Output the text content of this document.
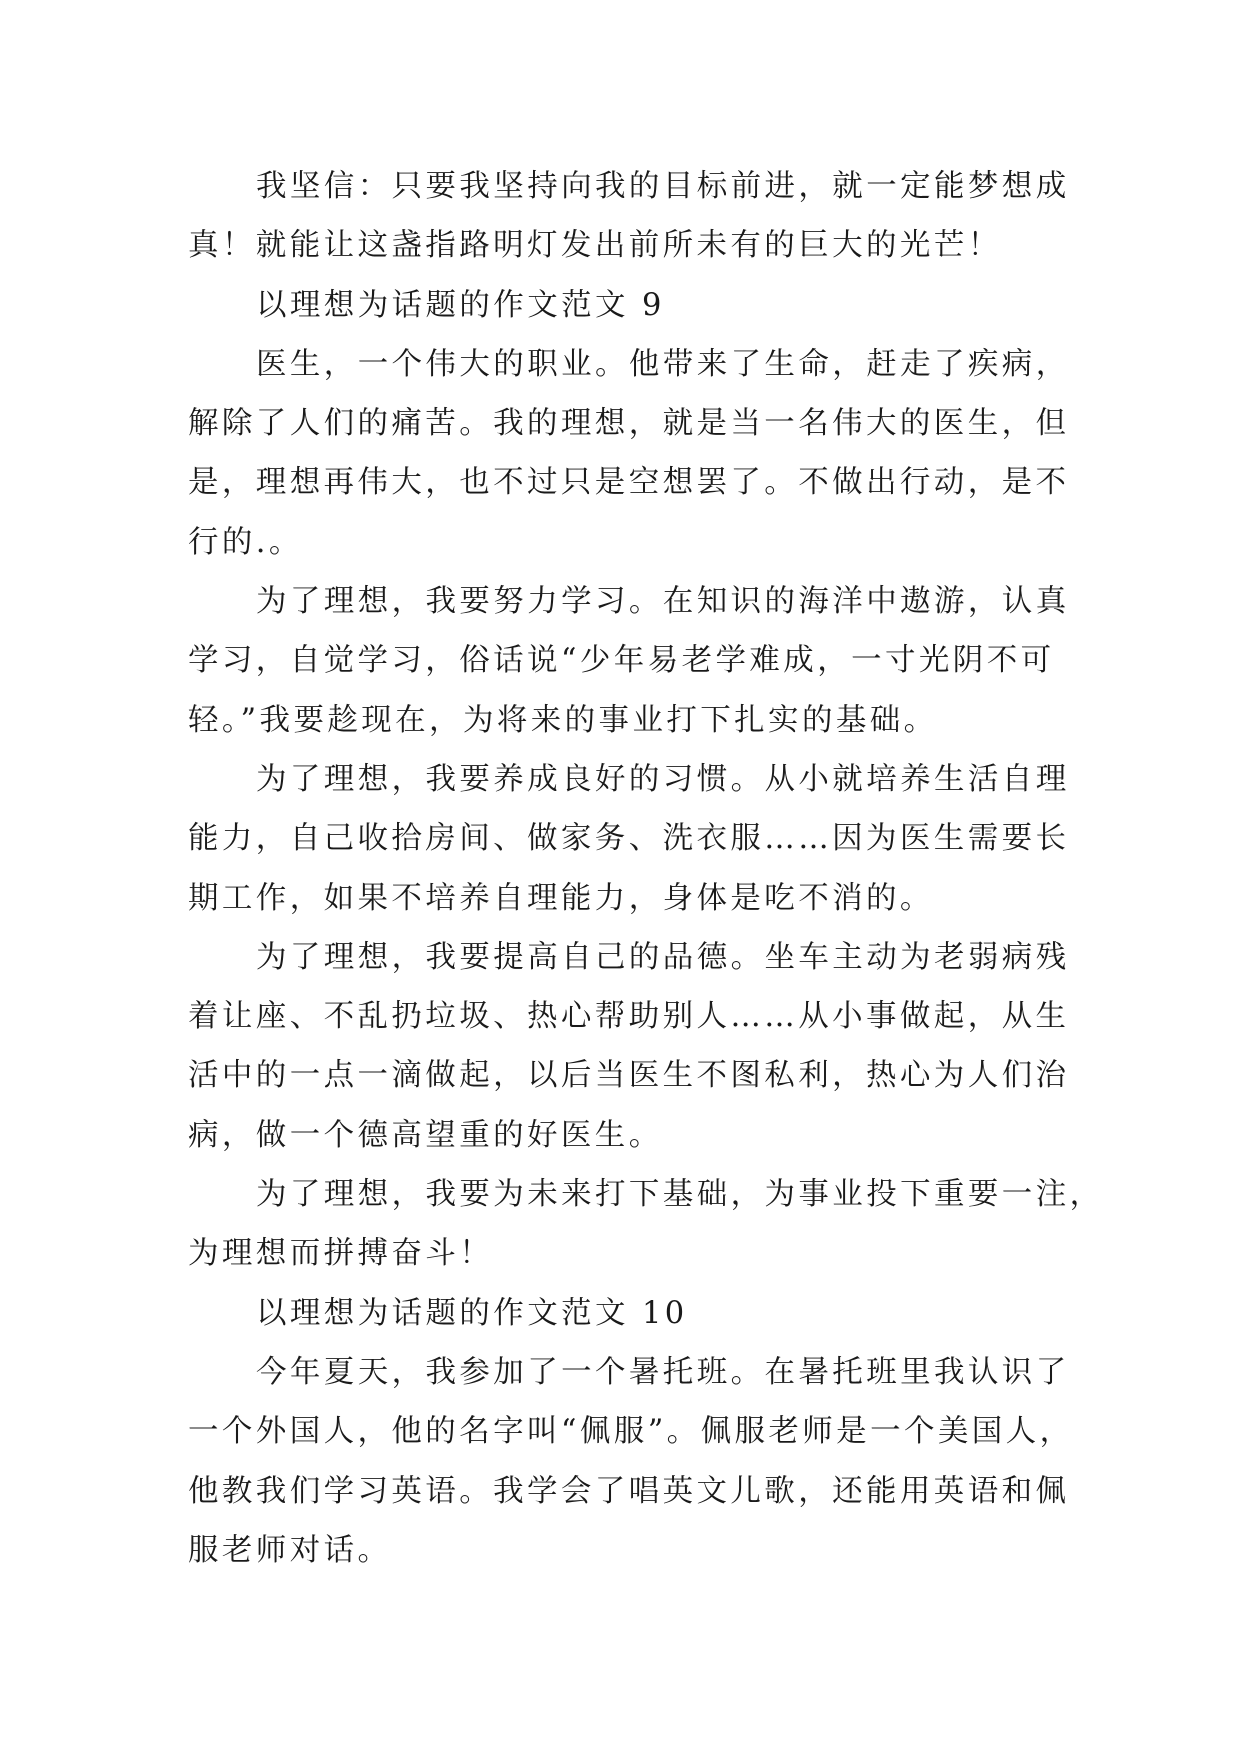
我坚信：只要我坚持向我的目标前进，就一定能梦想成
真！就能让这盏指路明灯发出前所未有的巨大的光芒！
以理想为话题的作文范文 9
医生，一个伟大的职业。他带来了生命，赶走了疾病，
解除了人们的痛苦。我的理想，就是当一名伟大的医生，但
是，理想再伟大，也不过只是空想罢了。不做出行动，是不
行的.。
为了理想，我要努力学习。在知识的海洋中遨游，认真
学习，自觉学习，俗话说“少年易老学难成，一寸光阴不可
轻。”我要趁现在，为将来的事业打下扎实的基础。
为了理想，我要养成良好的习惯。从小就培养生活自理
能力，自己收拾房间、做家务、洗衣服……因为医生需要长
期工作，如果不培养自理能力，身体是吃不消的。
为了理想，我要提高自己的品德。坐车主动为老弱病残
着让座、不乱扔垃圾、热心帮助别人……从小事做起，从生
活中的一点一滴做起，以后当医生不图私利，热心为人们治
病，做一个德高望重的好医生。
为了理想，我要为未来打下基础，为事业投下重要一注，
为理想而拼搏奋斗！
以理想为话题的作文范文 10
今年夏天，我参加了一个暑托班。在暑托班里我认识了
一个外国人，他的名字叫“佩服”。佩服老师是一个美国人，
他教我们学习英语。我学会了唱英文儿歌，还能用英语和佩
服老师对话。
